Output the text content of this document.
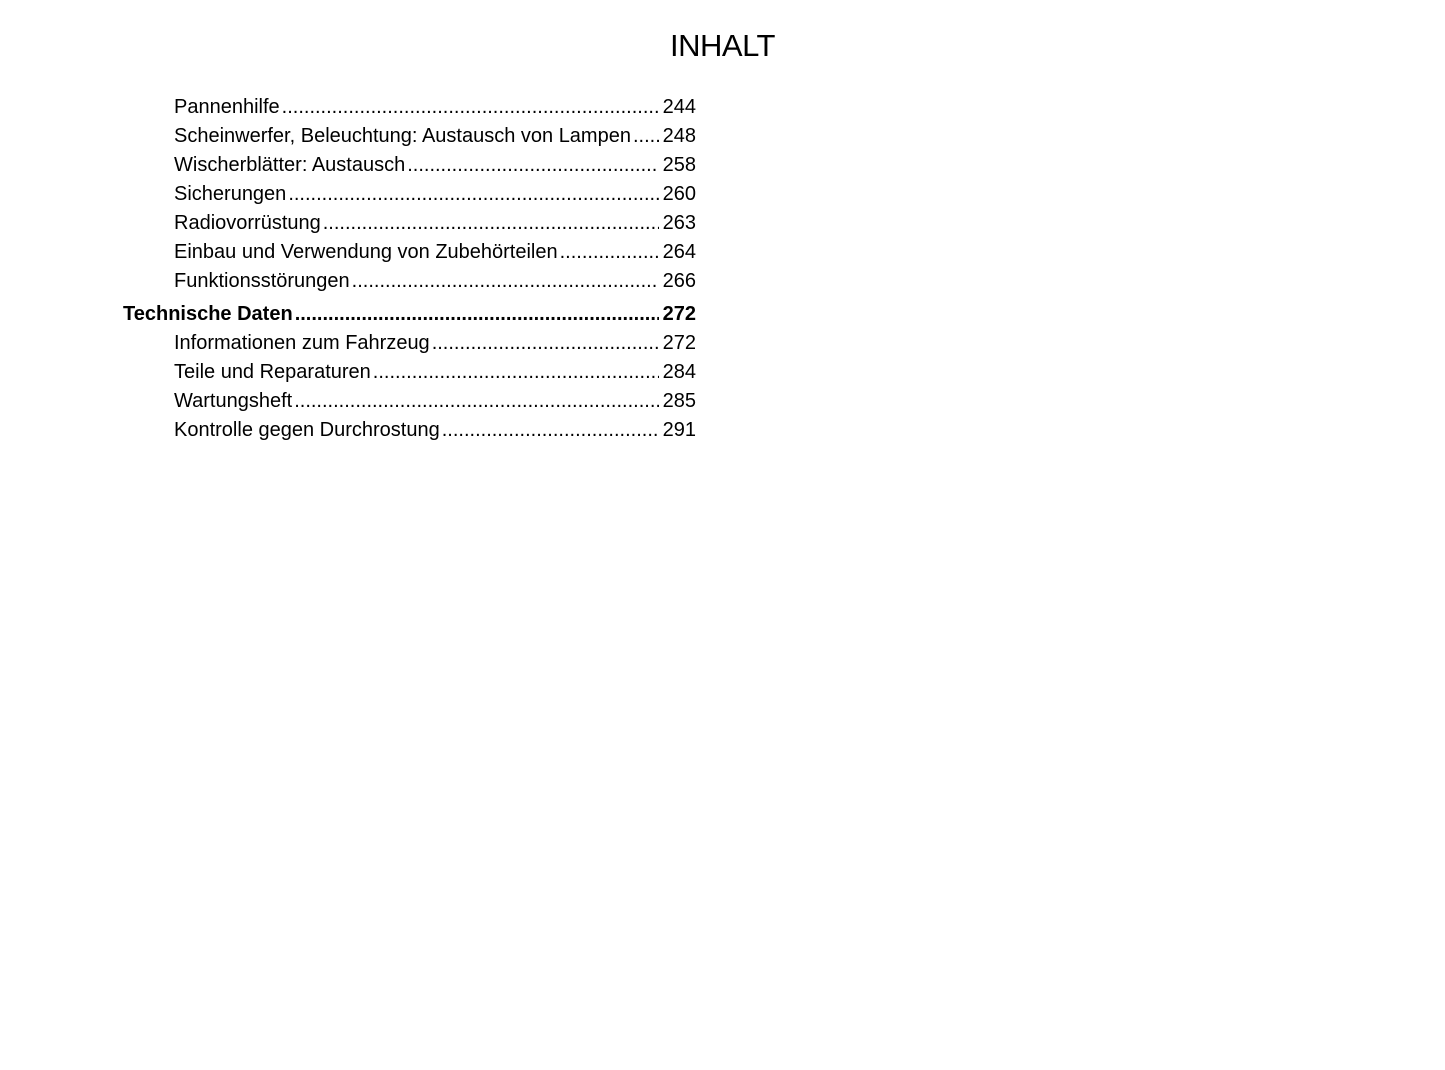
INHALT
Pannenhilfe .....	244
Scheinwerfer, Beleuchtung: Austausch von Lampen ..... 248
Wischerblätter: Austausch .....	258
Sicherungen .....	260
Radiovorrüstung .....	263
Einbau und Verwendung von Zubehörteilen .....	264
Funktionsstörungen .....	266
Technische Daten .....	272
Informationen zum Fahrzeug .....	272
Teile und Reparaturen .....	284
Wartungsheft .....	285
Kontrolle gegen Durchrostung .....	291
